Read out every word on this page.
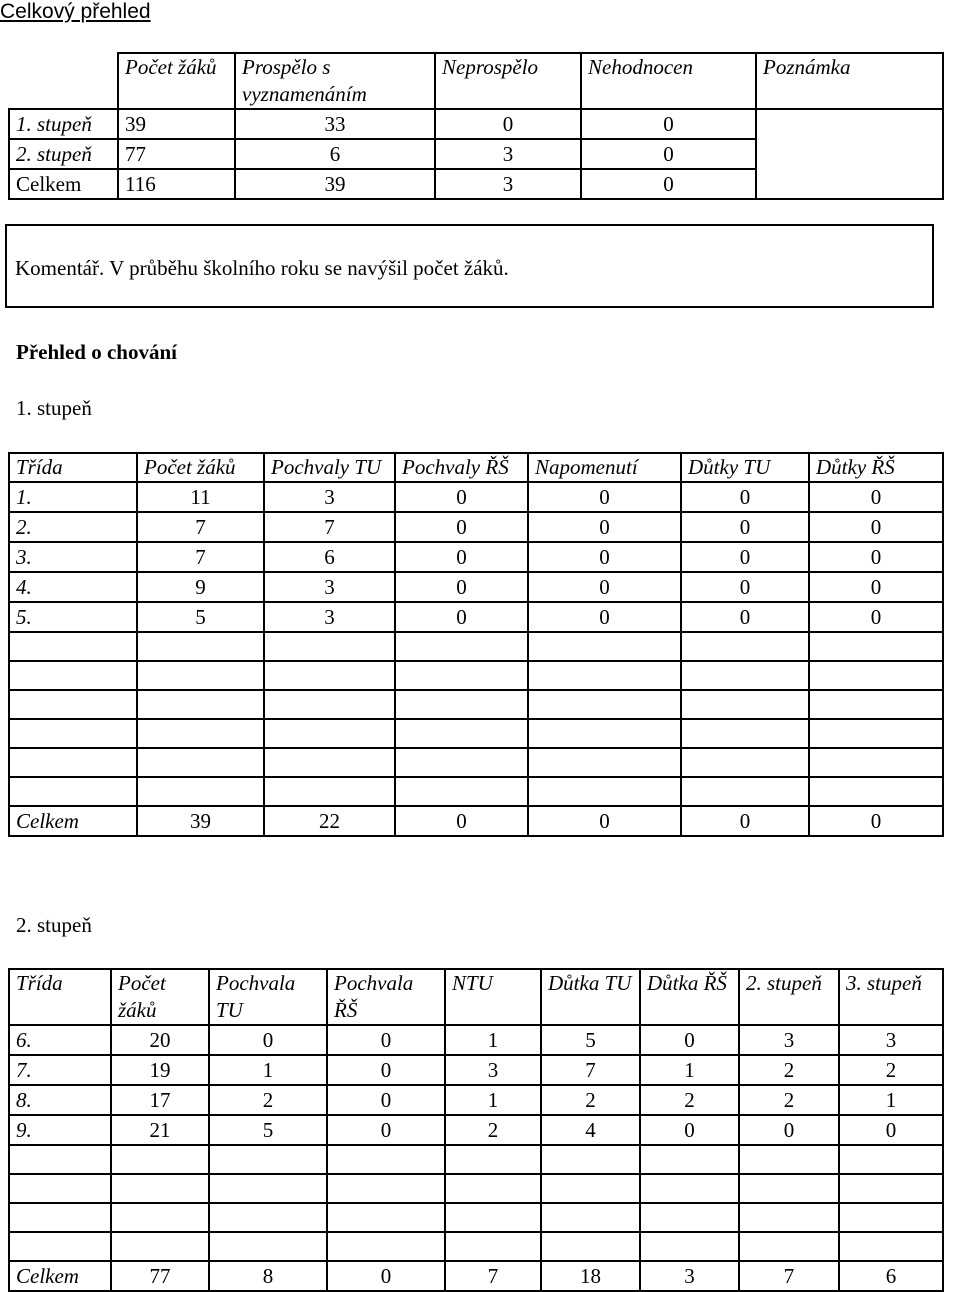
Celkový přehled
	Počet žáků	Prospělo s vyznamenáním	Neprospělo	Nehodnocen	Poznámka
1. stupeň	39	33	0	0	
2. stupeň	77	6	3	0	
Celkem	116	39	3	0	
Komentář. V průběhu školního roku se navýšil počet žáků.
Přehled o chování
1. stupeň
Třída	Počet žáků	Pochvaly TU	Pochvaly ŘŠ	Napomenutí	Důtky TU	Důtky ŘŠ
1.	11	3	0	0	0	0
2.	7	7	0	0	0	0
3.	7	6	0	0	0	0
4.	9	3	0	0	0	0
5.	5	3	0	0	0	0

Celkem	39	22	0	0	0	0
2. stupeň
Třída	Počet žáků	Pochvala TU	Pochvala ŘŠ	NTU	Důtka TU	Důtka ŘŠ	2. stupeň	3. stupeň
6.	20	0	0	1	5	0	3	3
7.	19	1	0	3	7	1	2	2
8.	17	2	0	1	2	2	2	1
9.	21	5	0	2	4	0	0	0

Celkem	77	8	0	7	18	3	7	6
